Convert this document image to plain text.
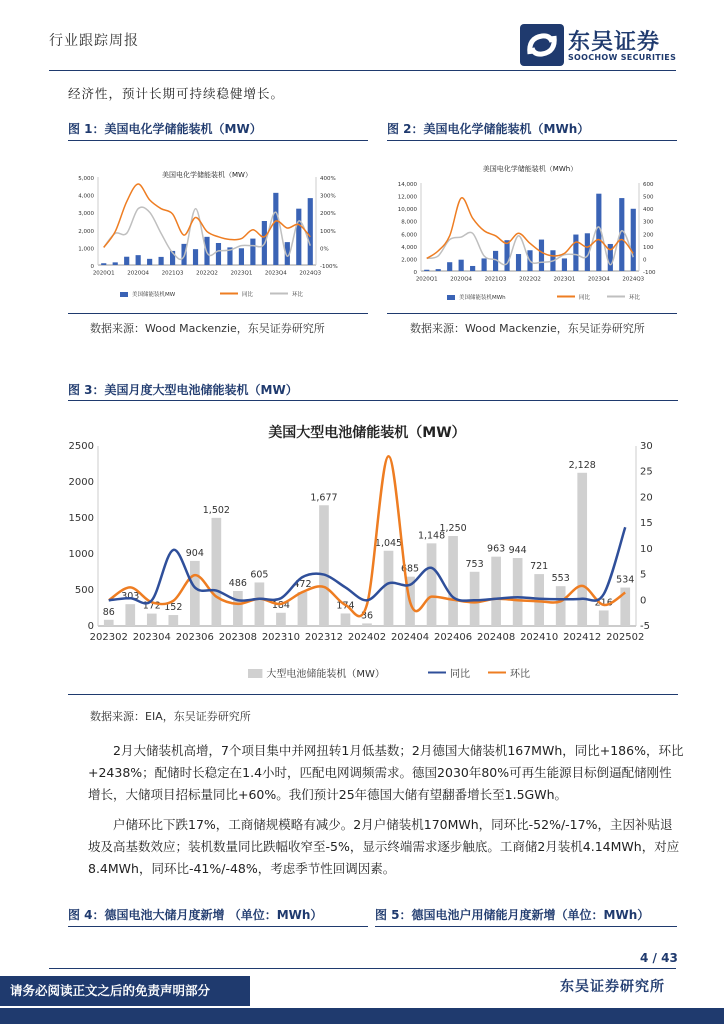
行业跟踪周报	东吴证券
SOOCHOW SECURITIES
经济性，预计长期可持续稳健增长。
图 1：美国电化学储能装机（MW）	图 2：美国电化学储能装机（MWh）
美国电化学储能装机（MW）
5,000
4,000
3,000
2,000
1,000
0
400%
300%
200%
100%
0%
-100%
2020Q1 2020Q4 2021Q3 2022Q2 2023Q1 2023Q4 2024Q3
美国储能装机MW	同比	环比
美国电化学储能装机（MWh）
14,000
12,000
10,000
8,000
6,000
4,000
2,000
0
600
500
400
300
200
100
0
-100
2020Q1 2020Q4 2021Q3 2022Q2 2023Q1 2023Q4 2024Q3
美国储能装机MWh	同比	环比
数据来源：Wood Mackenzie，东吴证券研究所	数据来源：Wood Mackenzie，东吴证券研究所
图 3：美国月度大型电池储能装机（MW）
美国大型电池储能装机（MW）
2500
2000
1500
1000
500
0
30
25
20
15
10
5
0
-5
86
303
172 152
904
1,502
486
605
184
472
1,677
174
36
1,045
685
1,148
1,250
753
963 944
721
553
2,128
216
534
202302 202304 202306 202308 202310 202312 202402 202404 202406 202408 202410 202412 202502
大型电池储能装机（MW）	同比	环比
数据来源：EIA，东吴证券研究所

2月大储装机高增，7个项目集中并网扭转1月低基数；2月德国大储装机167MWh，同比+186%，环比+2438%；配储时长稳定在1.4小时，匹配电网调频需求。德国2030年80%可再生能源目标倒逼配储刚性增长，大储项目招标量同比+60%。我们预计25年德国大储有望翻番增长至1.5GWh。

户储环比下跌17%，工商储规模略有减少。2月户储装机170MWh，同环比-52%/-17%，主因补贴退坡及高基数效应；装机数量同比跌幅收窄至-5%，显示终端需求逐步触底。工商储2月装机4.14MWh，对应8.4MWh，同环比-41%/-48%，考虑季节性回调因素。

图 4：德国电池大储月度新增 （单位：MWh）	图 5：德国电池户用储能月度新增（单位：MWh）
4 / 43
请务必阅读正文之后的免责声明部分	东吴证券研究所
